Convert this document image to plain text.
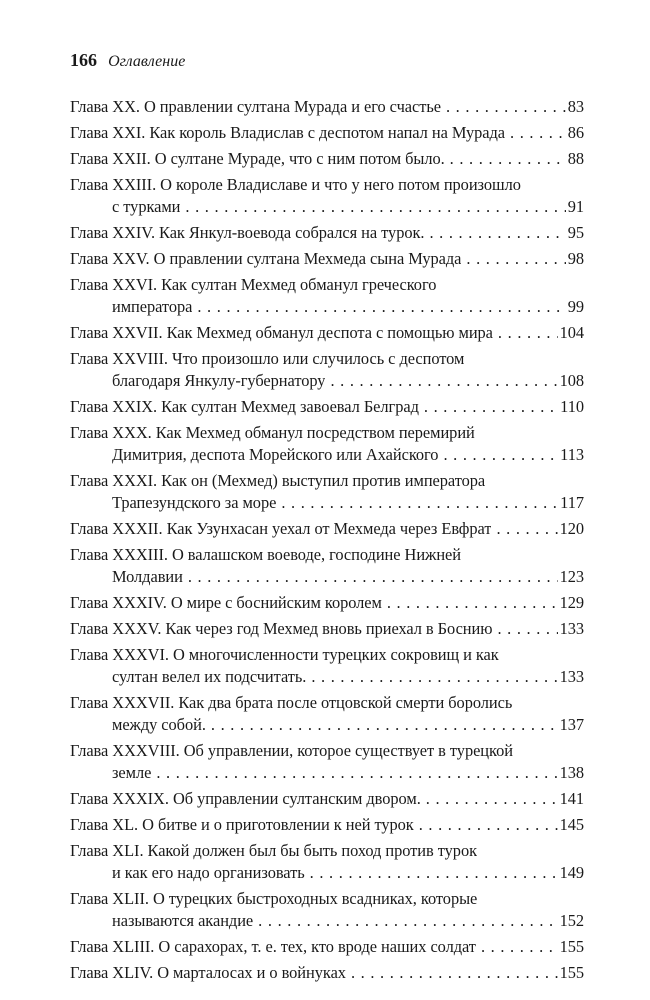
166 Оглавление
Глава XX. О правлении султана Мурада и его счастье . . .	83
Глава XXI. Как король Владислав с деспотом напал на Мурада . . .	86
Глава XXII. О султане Мураде, что с ним потом было. . . .	88
Глава XXIII. О короле Владиславе и что у него потом произошло
с турками . . .	91
Глава XXIV. Как Янкул-воевода собрался на турок. . . .	95
Глава XXV. О правлении султана Мехмеда сына Мурада . . .	98
Глава XXVI. Как султан Мехмед обманул греческого
императора . . .	99
Глава XXVII. Как Мехмед обманул деспота с помощью мира . . .	104
Глава XXVIII. Что произошло или случилось с деспотом
благодаря Янкулу-губернатору . . .	108
Глава XXIX. Как султан Мехмед завоевал Белград . . .	110
Глава XXX. Как Мехмед обманул посредством перемирий
Димитрия, деспота Морейского или Ахайского . . .	113
Глава XXXI. Как он (Мехмед) выступил против императора
Трапезундского за море . . .	117
Глава XXXII. Как Узунхасан уехал от Мехмеда через Евфрат . . .	120
Глава XXXIII. О валашском воеводе, господине Нижней
Молдавии . . .	123
Глава XXXIV. О мире с боснийским королем . . .	129
Глава XXXV. Как через год Мехмед вновь приехал в Боснию . . .	133
Глава XXXVI. О многочисленности турецких сокровищ и как
султан велел их подсчитать. . . .	133
Глава XXXVII. Как два брата после отцовской смерти боролись
между собой. . . .	137
Глава XXXVIII. Об управлении, которое существует в турецкой
земле . . .	138
Глава XXXIX. Об управлении султанским двором. . . .	141
Глава XL. О битве и о приготовлении к ней турок . . .	145
Глава XLI. Какой должен был бы быть поход против турок
и как его надо организовать . . .	149
Глава XLII. О турецких быстроходных всадниках, которые
называются акандие . . .	152
Глава XLIII. О сарахорах, т. е. тех, кто вроде наших солдат . . .	155
Глава XLIV. О марталосах и о войнуках . . .	155
